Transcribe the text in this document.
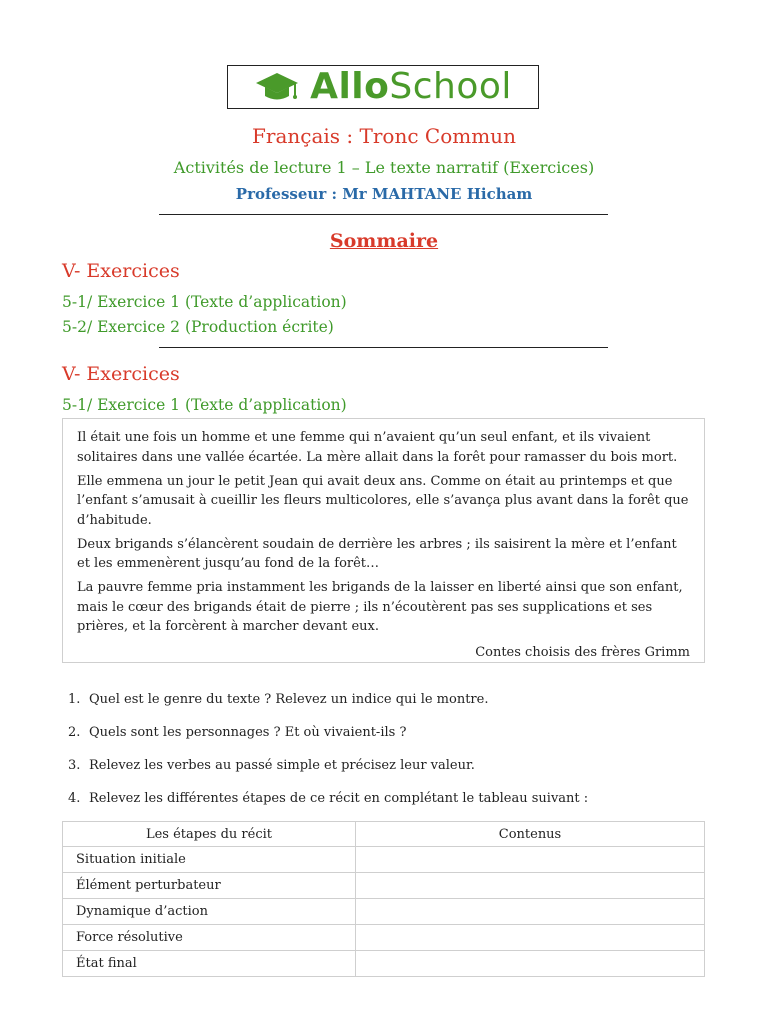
AlloSchool
Français : Tronc Commun
Activités de lecture 1 – Le texte narratif (Exercices)
Professeur : Mr MAHTANE Hicham
Sommaire
V- Exercices
5-1/ Exercice 1 (Texte d’application)
5-2/ Exercice 2 (Production écrite)
V- Exercices
5-1/ Exercice 1 (Texte d’application)

Il était une fois un homme et une femme qui n’avaient qu’un seul enfant, et ils vivaient solitaires dans une vallée écartée. La mère allait dans la forêt pour ramasser du bois mort.

Elle emmena un jour le petit Jean qui avait deux ans. Comme on était au printemps et que l’enfant s’amusait à cueillir les fleurs multicolores, elle s’avança plus avant dans la forêt que d’habitude.

Deux brigands s’élancèrent soudain de derrière les arbres ; ils saisirent la mère et l’enfant et les emmenèrent jusqu’au fond de la forêt…

La pauvre femme pria instamment les brigands de la laisser en liberté ainsi que son enfant, mais le cœur des brigands était de pierre ; ils n’écoutèrent pas ses supplications et ses prières, et la forcèrent à marcher devant eux.

Contes choisis des frères Grimm

1. Quel est le genre du texte ? Relevez un indice qui le montre.
2. Quels sont les personnages ? Et où vivaient-ils ?
3. Relevez les verbes au passé simple et précisez leur valeur.
4. Relevez les différentes étapes de ce récit en complétant le tableau suivant :
Les étapes du récit	Contenus
Situation initiale	
Élément perturbateur	
Dynamique d’action	
Force résolutive	
État final	
